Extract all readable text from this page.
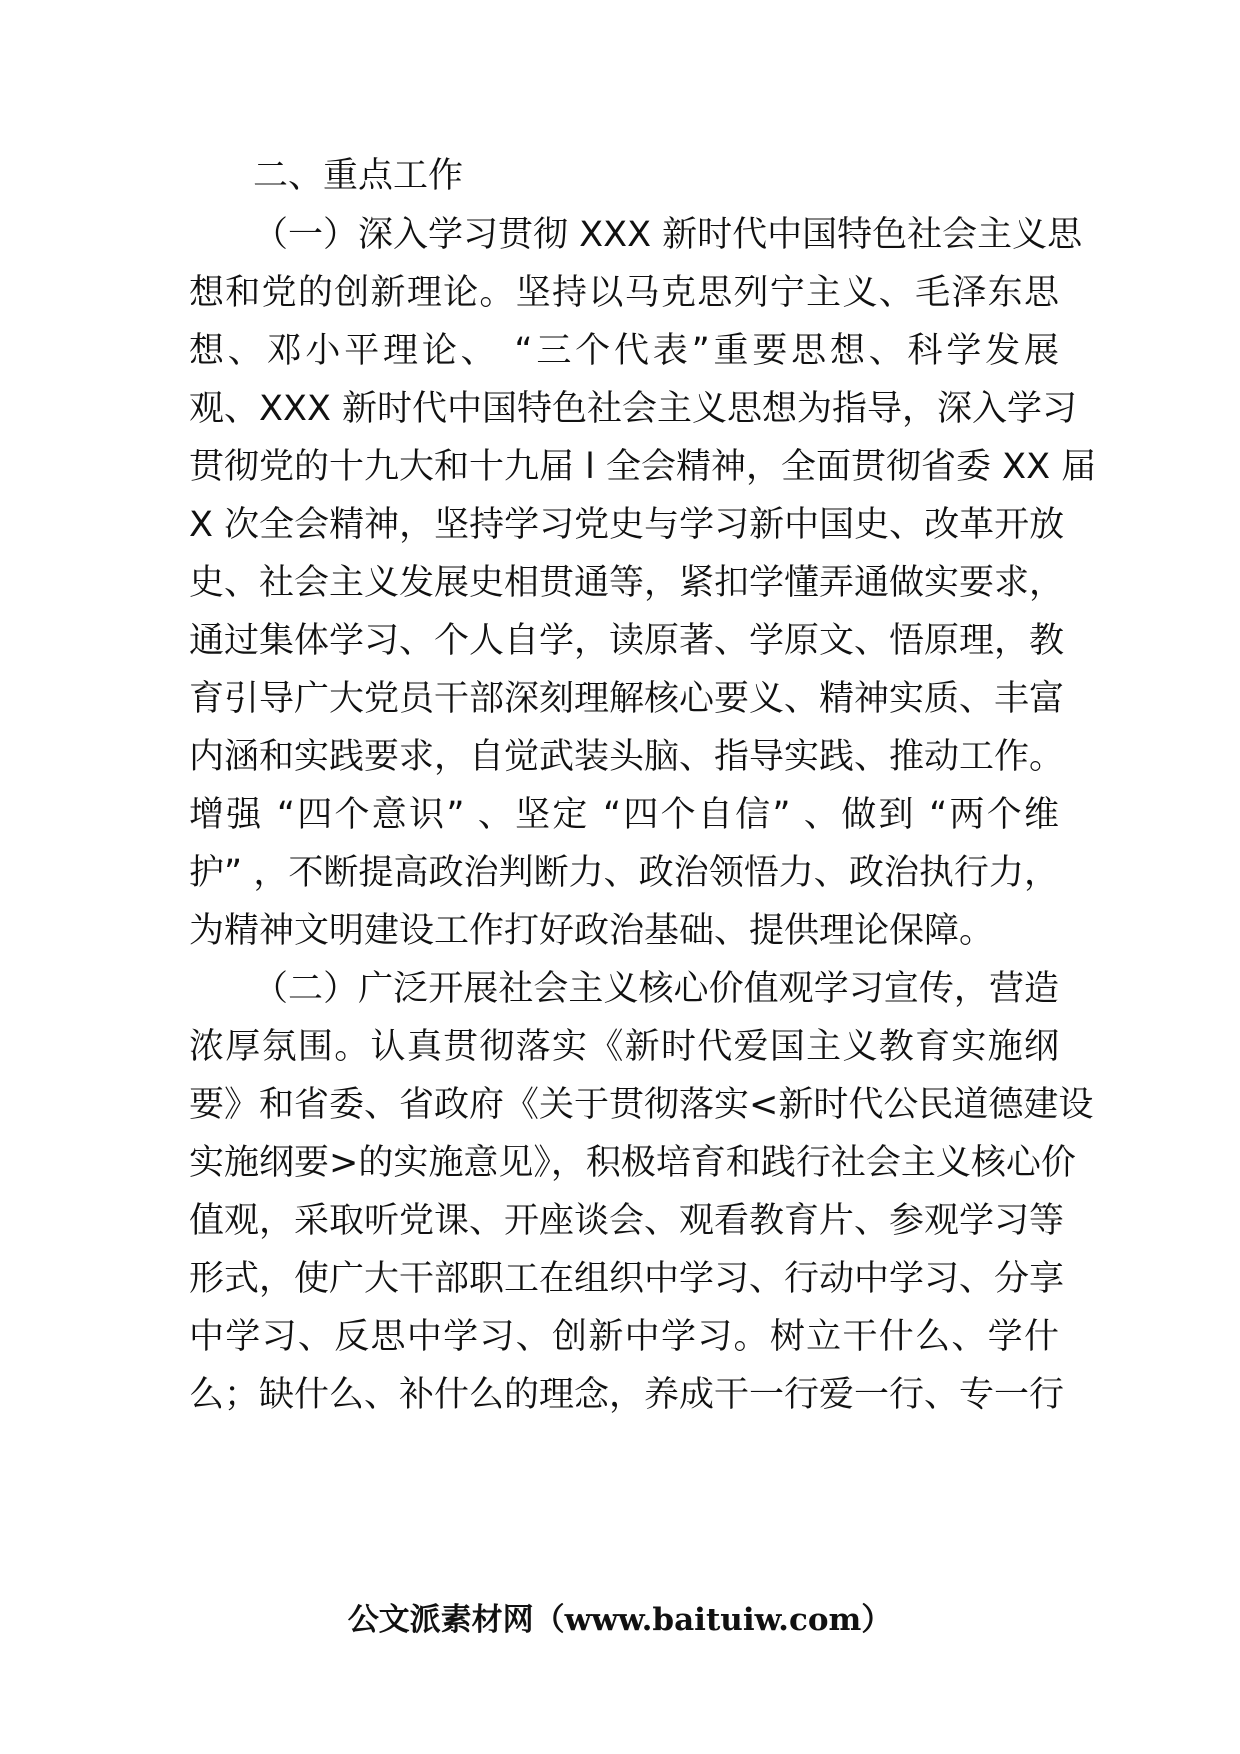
二、重点工作
（一）深入学习贯彻 XXX 新时代中国特色社会主义思
想和党的创新理论。坚持以马克思列宁主义、毛泽东思
想、邓小平理论、 “三个代表”重要思想、科学发展
观、XXX 新时代中国特色社会主义思想为指导，深入学习
贯彻党的十九大和十九届 l 全会精神，全面贯彻省委 XX 届
X 次全会精神，坚持学习党史与学习新中国史、改革开放
史、社会主义发展史相贯通等，紧扣学懂弄通做实要求，
通过集体学习、个人自学，读原著、学原文、悟原理，教
育引导广大党员干部深刻理解核心要义、精神实质、丰富
内涵和实践要求，自觉武装头脑、指导实践、推动工作。
增强 “四个意识” 、坚定 “四个自信” 、做到 “两个维
护” ，不断提高政治判断力、政治领悟力、政治执行力，
为精神文明建设工作打好政治基础、提供理论保障。
（二）广泛开展社会主义核心价值观学习宣传，营造
浓厚氛围。认真贯彻落实《新时代爱国主义教育实施纲
要》和省委、省政府《关于贯彻落实<新时代公民道德建设
实施纲要>的实施意见》，积极培育和践行社会主义核心价
值观，采取听党课、开座谈会、观看教育片、参观学习等
形式，使广大干部职工在组织中学习、行动中学习、分享
中学习、反思中学习、创新中学习。树立干什么、学什
么；缺什么、补什么的理念，养成干一行爱一行、专一行
公文派素材网（www.baituiw.com）
